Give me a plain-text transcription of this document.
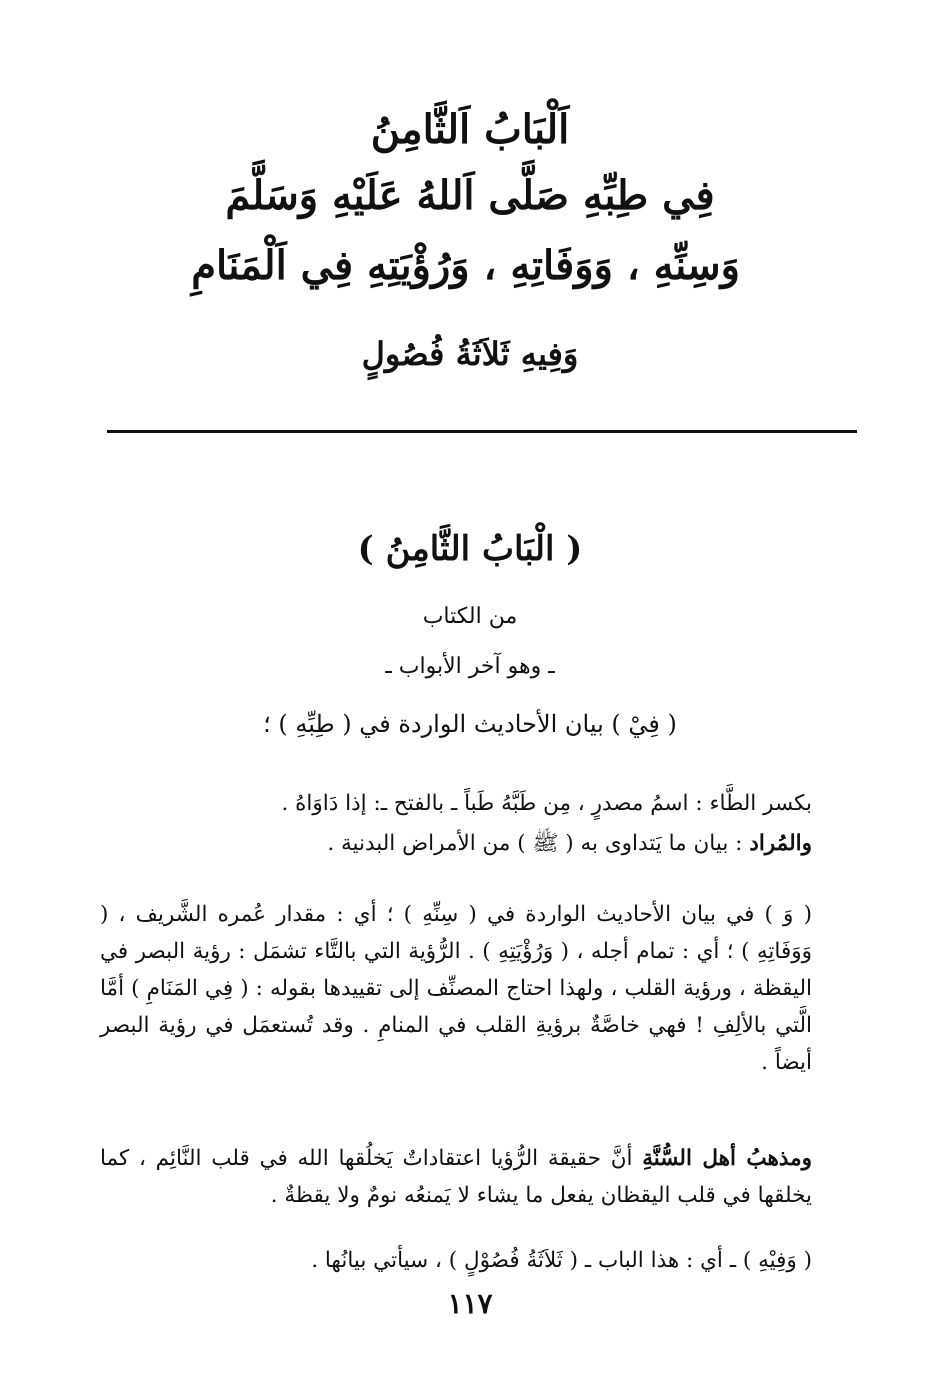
اَلْبَابُ اَلثَّامِنُ
فِي طِبِّهِ صَلَّى اَللهُ عَلَيْهِ وَسَلَّمَ
وَسِنِّهِ ، وَوَفَاتِهِ ، وَرُؤْيَتِهِ فِي اَلْمَنَامِ
وَفِيهِ ثَلاَثَةُ فُصُولٍ
( الْبَابُ الثَّامِنُ )
من الكتاب
ـ وهو آخر الأبواب ـ
( فِيْ ) بيان الأحاديث الواردة في ( طِبِّهِ ) ؛

بكسر الطَّاء : اسمُ مصدرٍ ، مِن طَبَّهُ طَباً ـ بالفتح ـ: إذا دَاوَاهُ .

والمُراد : بيان ما يَتداوى به ( ﷺ ) من الأمراض البدنية .

( وَ ) في بيان الأحاديث الواردة في ( سِنِّهِ ) ؛ أي : مقدار عُمره الشَّريف ، ( وَوَفَاتِهِ ) ؛ أي : تمام أجله ، ( وَرُؤْيَتِهِ ) . الرُّؤية التي بالتَّاء تشمَل : رؤية البصر في اليقظة ، ورؤية القلب ، ولهذا احتاج المصنِّف إلى تقييدها بقوله : ( فِي المَنَامِ ) أمَّا الَّتي بالألِفِ ! فهي خاصَّةٌ برؤيةِ القلب في المنامِ . وقد تُستعمَل في رؤية البصر أيضاً .

ومذهبُ أهل السُّنَّةِ أنَّ حقيقة الرُّؤيا اعتقاداتٌ يَخلُقها الله في قلب النَّائِم ، كما يخلقها في قلب اليقظان يفعل ما يشاء لا يَمنعُه نومٌ ولا يقظةٌ .

( وَفِيْهِ ) ـ أي : هذا الباب ـ ( ثَلاَثَةُ فُصُوْلٍ ) ، سيأتي بيانُها .

١١٧
